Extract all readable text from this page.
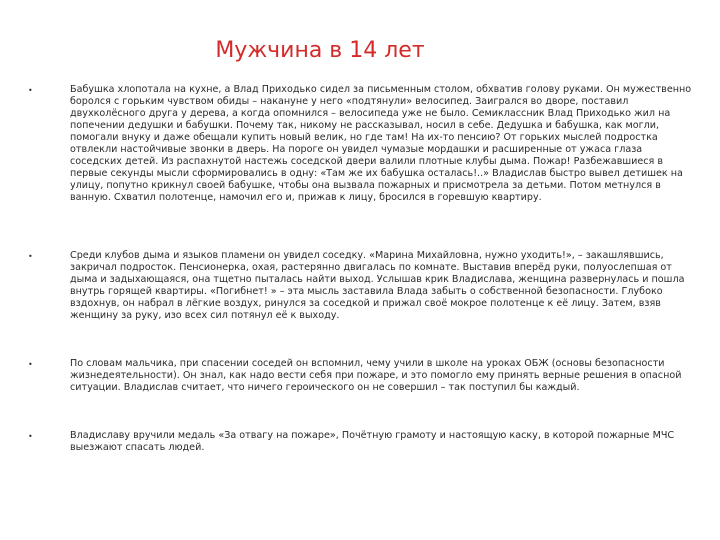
Мужчина в 14 лет
•	Бабушка хлопотала на кухне, а Влад Приходько сидел за письменным столом, обхватив голову руками. Он мужественно боролся с горьким чувством обиды – накануне у него «подтянули» велосипед. Заигрался во дворе, поставил двухколёсного друга у дерева, а когда опомнился – велосипеда уже не было. Семиклассник Влад Приходько жил на попечении дедушки и бабушки. Почему так, никому не рассказывал, носил в себе. Дедушка и бабушка, как могли, помогали внуку и даже обещали купить новый велик, но где там! На их-то пенсию? От горьких мыслей подростка отвлекли настойчивые звонки в дверь. На пороге он увидел чумазые мордашки и расширенные от ужаса глаза соседских детей. Из распахнутой настежь соседской двери валили плотные клубы дыма. Пожар! Разбежавшиеся в первые секунды мысли сформировались в одну: «Там же их бабушка осталась!..» Владислав быстро вывел детишек на улицу, попутно крикнул своей бабушке, чтобы она вызвала пожарных и присмотрела за детьми. Потом метнулся в ванную. Схватил полотенце, намочил его и, прижав к лицу, бросился в горевшую квартиру.

•	Среди клубов дыма и языков пламени он увидел соседку. «Марина Михайловна, нужно уходить!», – закашлявшись, закричал подросток. Пенсионерка, охая, растерянно двигалась по комнате. Выставив вперёд руки, полуослепшая от дыма и задыхающаяся, она тщетно пыталась найти выход. Услышав крик Владислава, женщина развернулась и пошла внутрь горящей квартиры. «Погибнет! » – эта мысль заставила Влада забыть о собственной безопасности. Глубоко вздохнув, он набрал в лёгкие воздух, ринулся за соседкой и прижал своё мокрое полотенце к её лицу. Затем, взяв женщину за руку, изо всех сил потянул её к выходу.

•	По словам мальчика, при спасении соседей он вспомнил, чему учили в школе на уроках ОБЖ (основы безопасности жизнедеятельности). Он знал, как надо вести себя при пожаре, и это помогло ему принять верные решения в опасной ситуации. Владислав считает, что ничего героического он не совершил – так поступил бы каждый.

•	Владиславу вручили медаль «За отвагу на пожаре», Почётную грамоту и настоящую каску, в которой пожарные МЧС выезжают спасать людей.
